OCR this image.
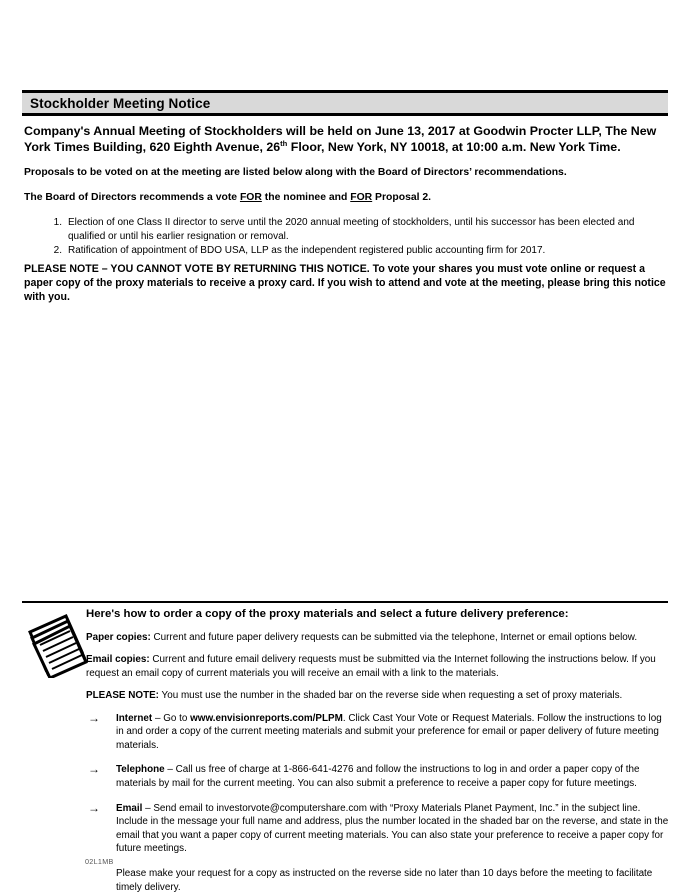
Stockholder Meeting Notice

Company's Annual Meeting of Stockholders will be held on June 13, 2017 at Goodwin Procter LLP, The New York Times Building, 620 Eighth Avenue, 26th Floor, New York, NY 10018, at 10:00 a.m. New York Time.

Proposals to be voted on at the meeting are listed below along with the Board of Directors’ recommendations.

The Board of Directors recommends a vote FOR the nominee and FOR Proposal 2.

1. Election of one Class II director to serve until the 2020 annual meeting of stockholders, until his successor has been elected and qualified or until his earlier resignation or removal.
2. Ratification of appointment of BDO USA, LLP as the independent registered public accounting firm for 2017.
PLEASE NOTE – YOU CANNOT VOTE BY RETURNING THIS NOTICE. To vote your shares you must vote online or request a paper copy of the proxy materials to receive a proxy card. If you wish to attend and vote at the meeting, please bring this notice with you.

Here's how to order a copy of the proxy materials and select a future delivery preference:

Paper copies: Current and future paper delivery requests can be submitted via the telephone, Internet or email options below.

Email copies: Current and future email delivery requests must be submitted via the Internet following the instructions below. If you request an email copy of current materials you will receive an email with a link to the materials.

PLEASE NOTE: You must use the number in the shaded bar on the reverse side when requesting a set of proxy materials.

→ Internet – Go to www.envisionreports.com/PLPM. Click Cast Your Vote or Request Materials. Follow the instructions to log in and order a copy of the current meeting materials and submit your preference for email or paper delivery of future meeting materials.
→ Telephone – Call us free of charge at 1-866-641-4276 and follow the instructions to log in and order a paper copy of the materials by mail for the current meeting. You can also submit a preference to receive a paper copy for future meetings.
→ Email – Send email to investorvote@computershare.com with “Proxy Materials Planet Payment, Inc.” in the subject line. Include in the message your full name and address, plus the number located in the shaded bar on the reverse, and state in the email that you want a paper copy of current meeting materials. You can also state your preference to receive a paper copy for future meetings.

Please make your request for a copy as instructed on the reverse side no later than 10 days before the meeting to facilitate timely delivery.

02L1MB
